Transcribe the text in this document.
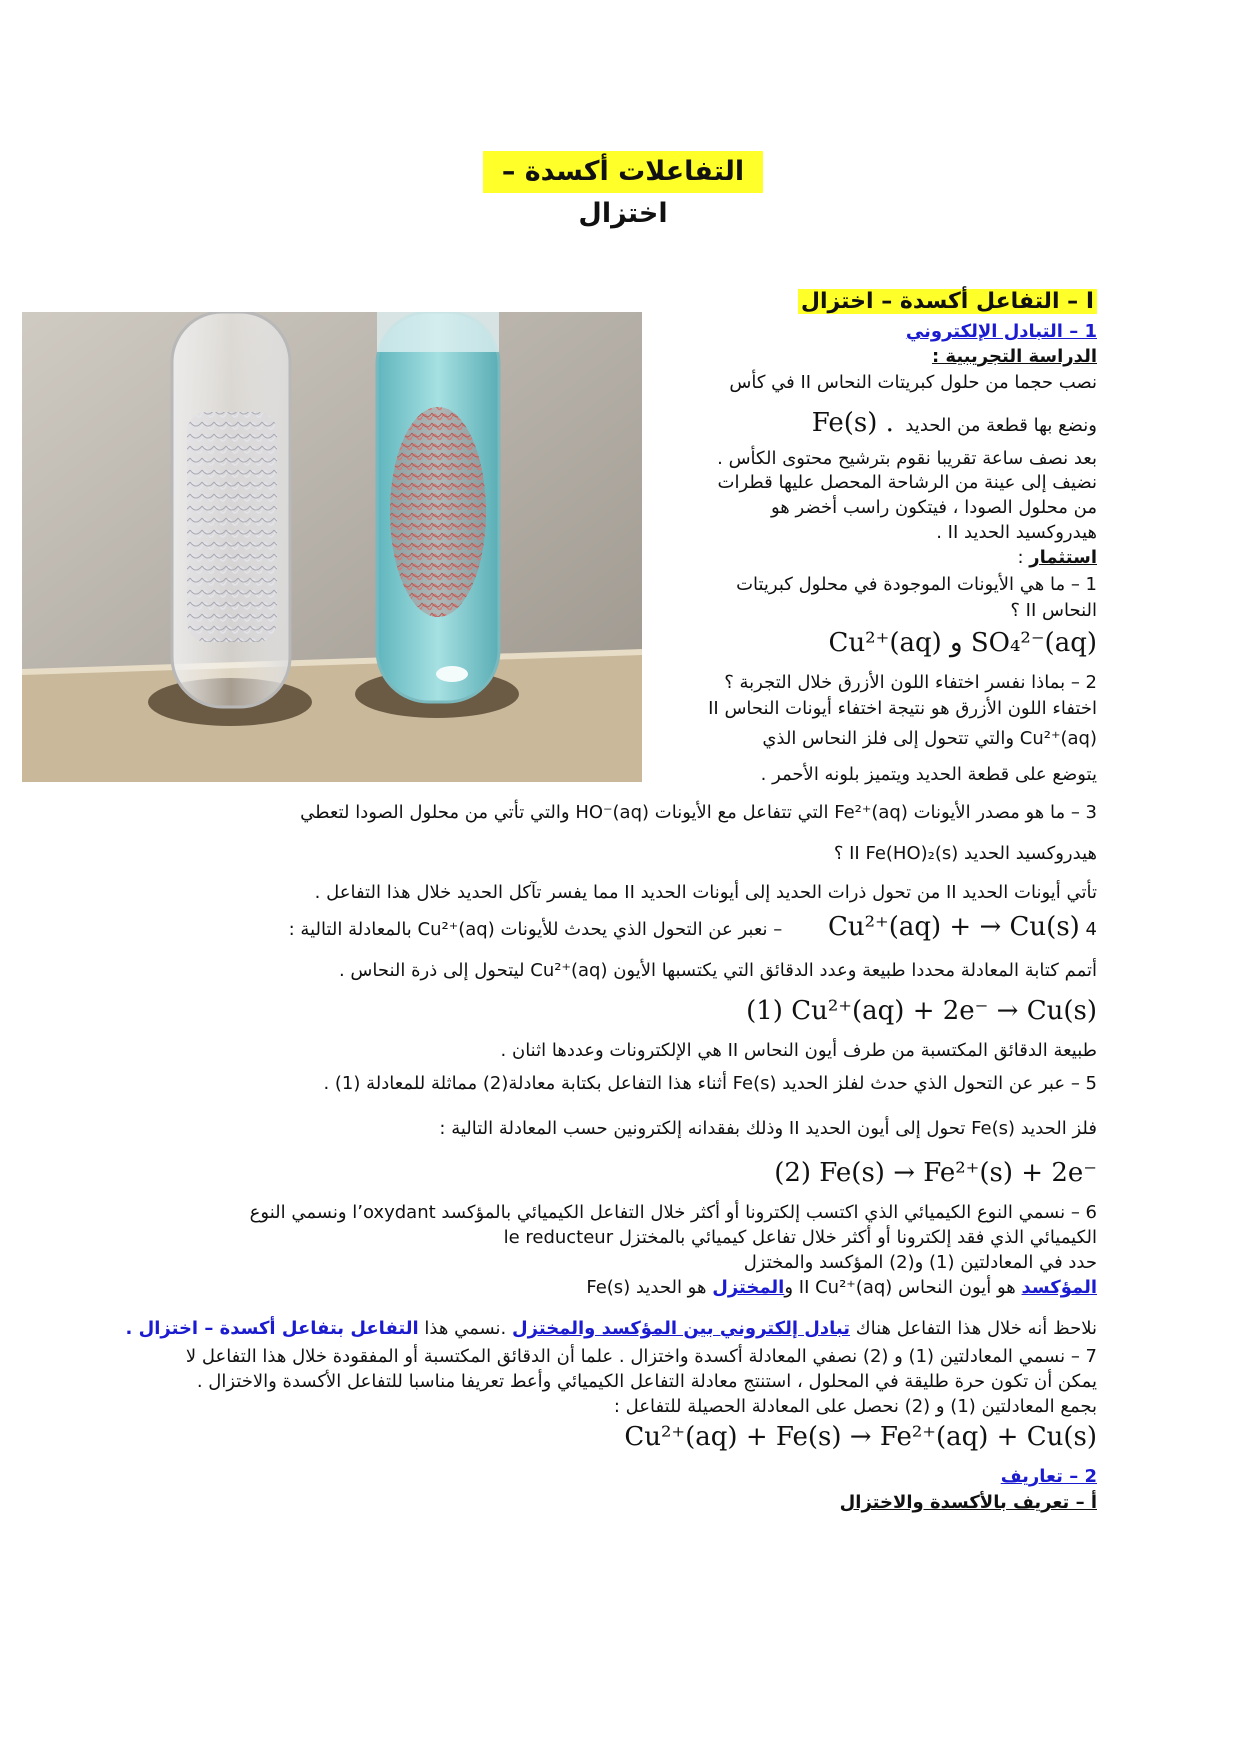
التفاعلات أكسدة – اختزال
I – التفاعل أكسدة – اختزال
1 – التبادل الإلكتروني
الدراسة التجريبية :
نصب حجما من حلول كبريتات النحاس II في كأس
ونضع بها قطعة من الحديد  Fe(s) .
بعد نصف ساعة تقريبا نقوم بترشيح محتوى الكأس .
نضيف إلى عينة من الرشاحة المحصل عليها قطرات
من محلول الصودا ، فيتكون راسب أخضر هو
هيدروكسيد الحديد II .
استثمار :
1 – ما هي الأيونات الموجودة في محلول كبريتات
النحاس II ؟
Cu²⁺(aq) و SO₄²⁻(aq)
2 – بماذا نفسر اختفاء اللون الأزرق خلال التجربة ؟
اختفاء اللون الأزرق هو نتيجة اختفاء أيونات النحاس II
Cu²⁺(aq) والتي تتحول إلى فلز النحاس الذي
يتوضع على قطعة الحديد ويتميز بلونه الأحمر .
3 – ما هو مصدر الأيونات Fe²⁺(aq) التي تتفاعل مع الأيونات HO⁻(aq) والتي تأتي من محلول الصودا لتعطي
هيدروكسيد الحديد II Fe(HO)₂(s) ؟
تأتي أيونات الحديد II من تحول ذرات الحديد إلى أيونات الحديد II مما يفسر تآكل الحديد خلال هذا التفاعل .
Cu²⁺(aq) + → Cu(s) 4 – نعبر عن التحول الذي يحدث للأيونات Cu²⁺(aq) بالمعادلة التالية :
أتمم كتابة المعادلة محددا طبيعة وعدد الدقائق التي يكتسبها الأيون Cu²⁺(aq) ليتحول إلى ذرة النحاس .
(1) Cu²⁺(aq) + 2e⁻ → Cu(s)
طبيعة الدقائق المكتسبة من طرف أيون النحاس II هي الإلكترونات وعددها اثنان .
5 – عبر عن التحول الذي حدث لفلز الحديد Fe(s) أثناء هذا التفاعل بكتابة معادلة(2) مماثلة للمعادلة (1) .
فلز الحديد Fe(s) تحول إلى أيون الحديد II وذلك بفقدانه إلكترونين حسب المعادلة التالية :
(2) Fe(s) → Fe²⁺(s) + 2e⁻
6 – نسمي النوع الكيميائي الذي اكتسب إلكترونا أو أكثر خلال التفاعل الكيميائي بالمؤكسد l’oxydant ونسمي النوع
الكيميائي الذي فقد إلكترونا أو أكثر خلال تفاعل كيميائي بالمختزل le reducteur
حدد في المعادلتين (1) و(2) المؤكسد والمختزل
المؤكسد هو أيون النحاس II Cu²⁺(aq) والمختزل هو الحديد Fe(s)
نلاحظ أنه خلال هذا التفاعل هناك تبادل إلكتروني بين المؤكسد والمختزل .نسمي هذا التفاعل بتفاعل أكسدة – اختزال .
7 – نسمي المعادلتين (1) و (2) نصفي المعادلة أكسدة واختزال . علما أن الدقائق المكتسبة أو المفقودة خلال هذا التفاعل لا
يمكن أن تكون حرة طليقة في المحلول ، استنتج معادلة التفاعل الكيميائي وأعط تعريفا مناسبا للتفاعل الأكسدة والاختزال .
بجمع المعادلتين (1) و (2) نحصل على المعادلة الحصيلة للتفاعل :
Cu²⁺(aq) + Fe(s) → Fe²⁺(aq) + Cu(s)
2 – تعاريف
أ – تعريف بالأكسدة والاختزال
